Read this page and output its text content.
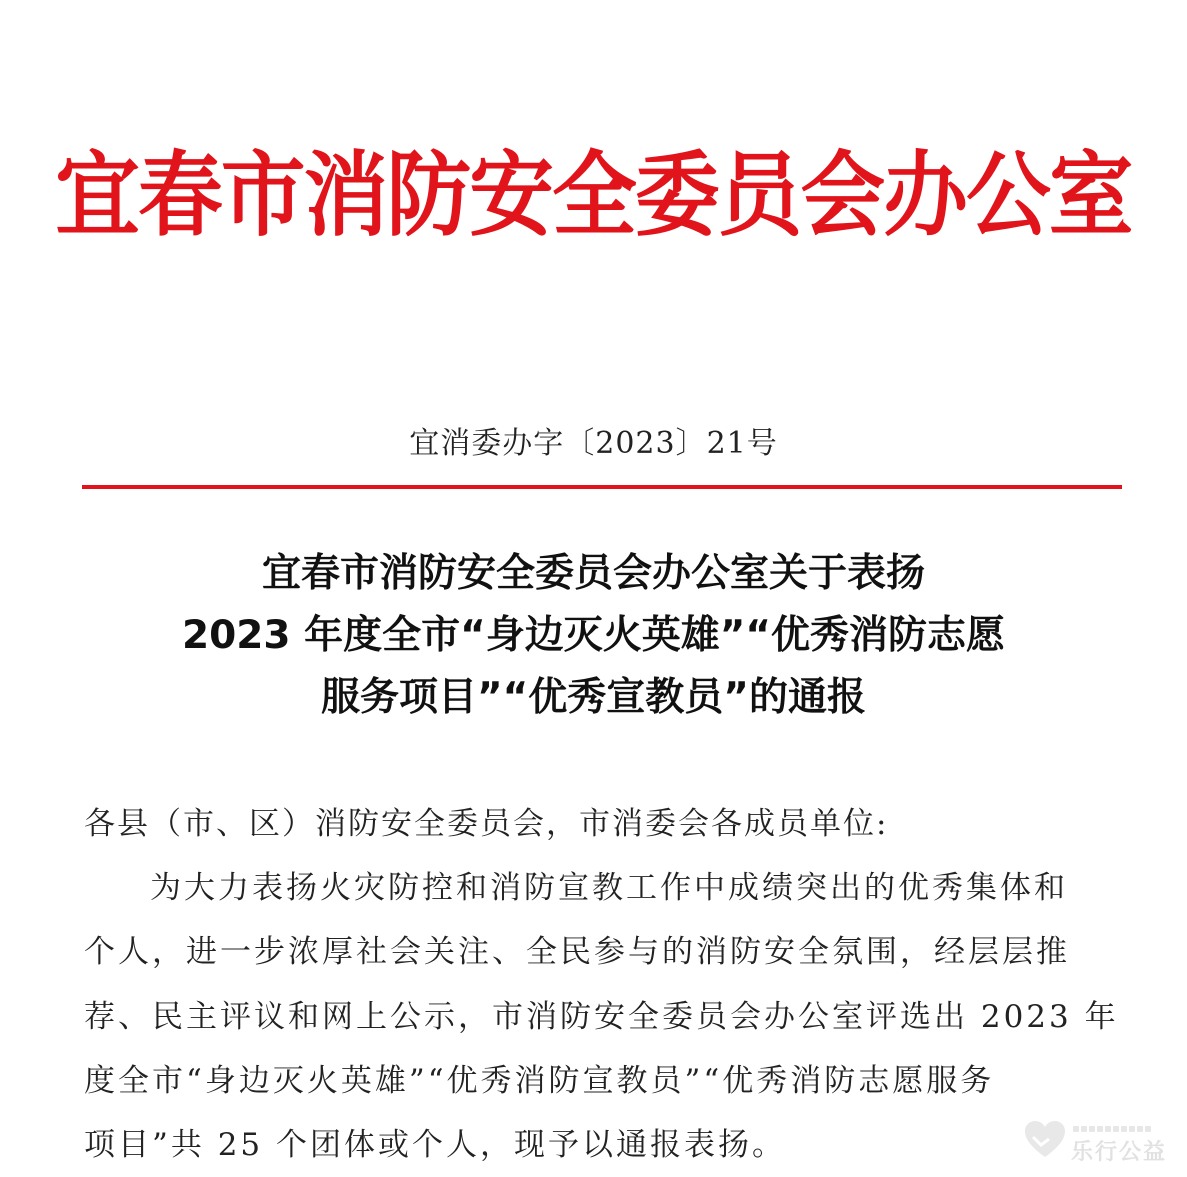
宜春市消防安全委员会办公室
宜消委办字〔2023〕21号
宜春市消防安全委员会办公室关于表扬
2023 年度全市“身边灭火英雄”“优秀消防志愿
服务项目”“优秀宣教员”的通报
各县（市、区）消防安全委员会，市消委会各成员单位:
为大力表扬火灾防控和消防宣教工作中成绩突出的优秀集体和
个人，进一步浓厚社会关注、全民参与的消防安全氛围，经层层推
荐、民主评议和网上公示，市消防安全委员会办公室评选出 2023 年
度全市“身边灭火英雄”“优秀消防宣教员”“优秀消防志愿服务
项目”共 25 个团体或个人，现予以通报表扬。	乐行公益
